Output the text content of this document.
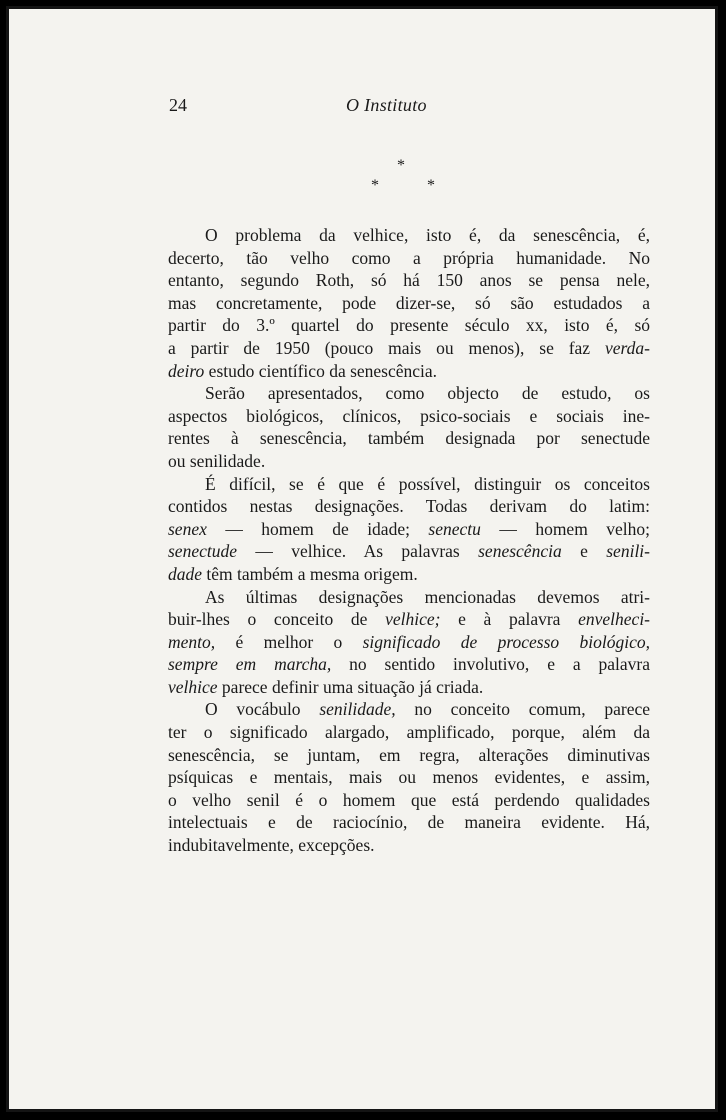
24	O Instituto
*
*	*
O problema da velhice, isto é, da senescência, é,
decerto, tão velho como a própria humanidade. No
entanto, segundo Roth, só há 150 anos se pensa nele,
mas concretamente, pode dizer-se, só são estudados a
partir do 3.º quartel do presente século xx, isto é, só
a partir de 1950 (pouco mais ou menos), se faz verda-
deiro estudo científico da senescência.
Serão apresentados, como objecto de estudo, os
aspectos biológicos, clínicos, psico-sociais e sociais ine-
rentes à senescência, também designada por senectude
ou senilidade.
É difícil, se é que é possível, distinguir os conceitos
contidos nestas designações. Todas derivam do latim:
senex — homem de idade; senectu — homem velho;
senectude — velhice. As palavras senescência e senili-
dade têm também a mesma origem.
As últimas designações mencionadas devemos atri-
buir-lhes o conceito de velhice; e à palavra envelheci-
mento, é melhor o significado de processo biológico,
sempre em marcha, no sentido involutivo, e a palavra
velhice parece definir uma situação já criada.
O vocábulo senilidade, no conceito comum, parece
ter o significado alargado, amplificado, porque, além da
senescência, se juntam, em regra, alterações diminutivas
psíquicas e mentais, mais ou menos evidentes, e assim,
o velho senil é o homem que está perdendo qualidades
intelectuais e de raciocínio, de maneira evidente. Há,
indubitavelmente, excepções.
